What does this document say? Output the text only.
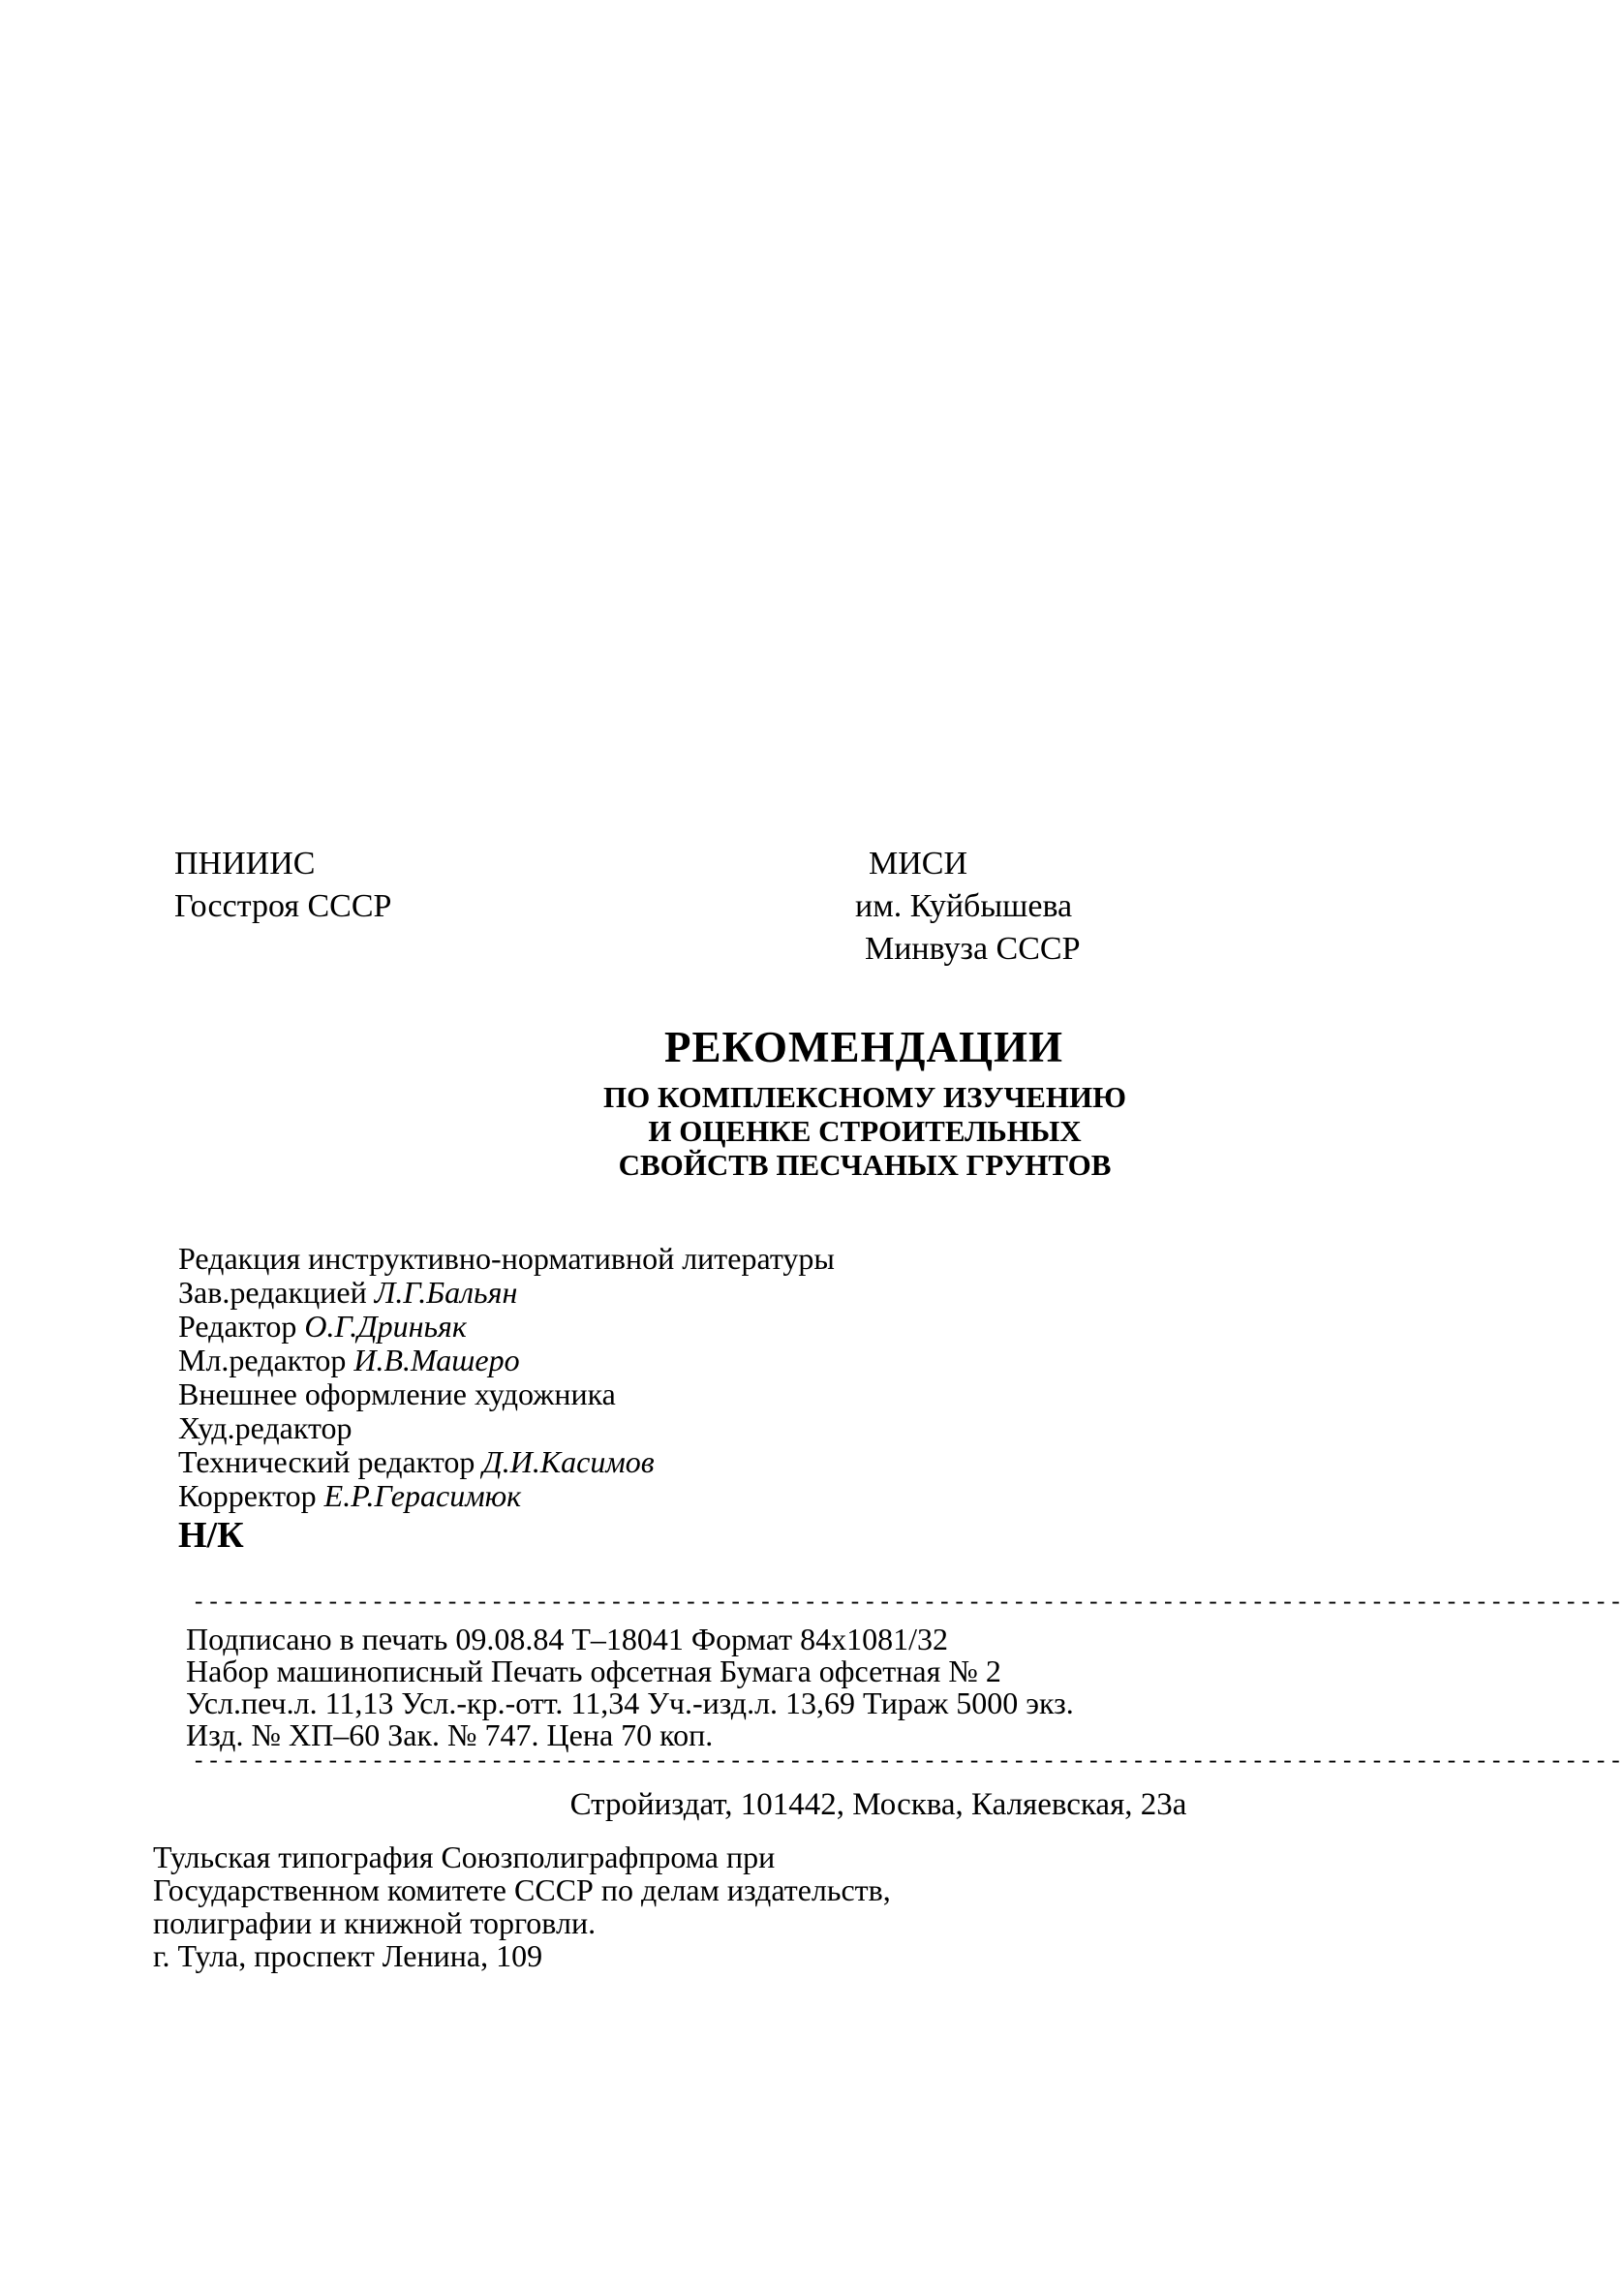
ПНИИИС
Госстроя СССР
МИСИ
им. Куйбышева
Минвуза СССР
РЕКОМЕНДАЦИИ
ПО КОМПЛЕКСНОМУ ИЗУЧЕНИЮ
И ОЦЕНКЕ СТРОИТЕЛЬНЫХ
СВОЙСТВ ПЕСЧАНЫХ ГРУНТОВ
Редакция инструктивно-нормативной литературы
Зав.редакцией Л.Г.Бальян
Редактор О.Г.Дриньяк
Мл.редактор И.В.Машеро
Внешнее оформление художника
Худ.редактор
Технический редактор Д.И.Касимов
Корректор Е.Р.Герасимюк
Н/К
------------------------------------------------------------------------------------------------
Подписано в печать 09.08.84 Т–18041 Формат 84x1081/32
Набор машинописный Печать офсетная Бумага офсетная № 2
Усл.печ.л. 11,13 Усл.-кр.-отт. 11,34 Уч.-изд.л. 13,69 Тираж 5000 экз.
Изд. № ХП–60 Зак. № 747. Цена 70 коп.
------------------------------------------------------------------------------------------------
Стройиздат, 101442, Москва, Каляевская, 23а
Тульская типография Союзполиграфпрома при
Государственном комитете СССР по делам издательств,
полиграфии и книжной торговли.
г. Тула, проспект Ленина, 109
